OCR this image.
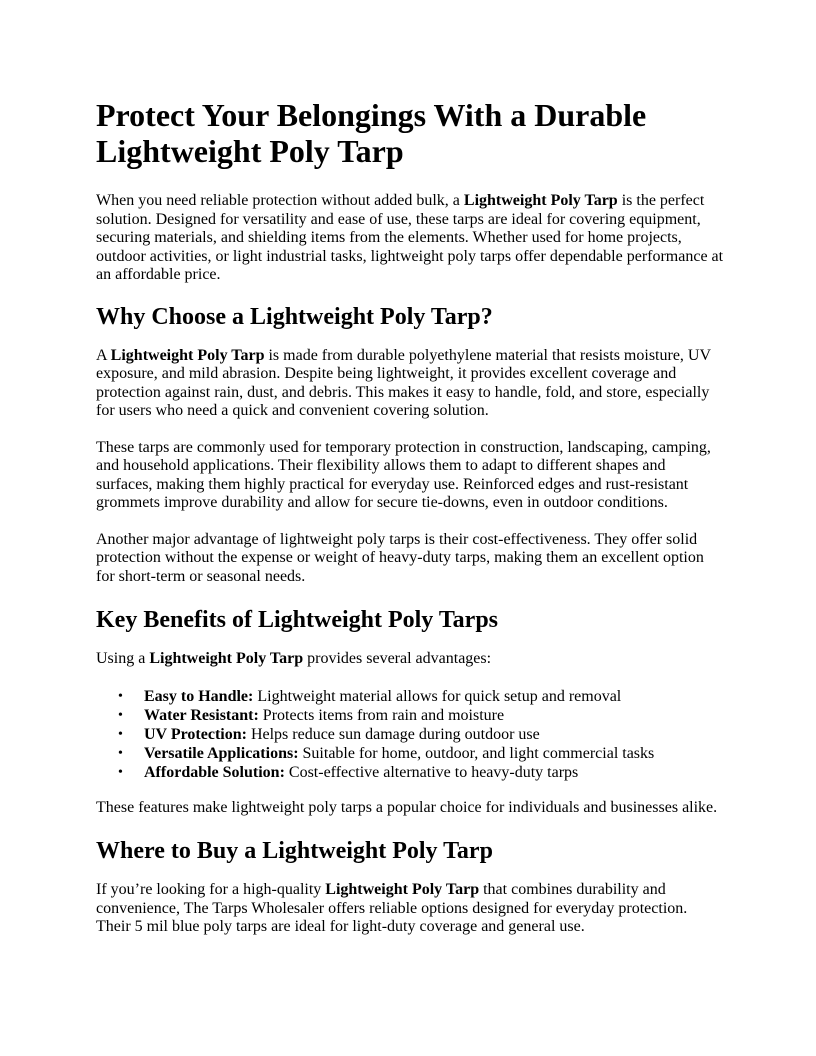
Protect Your Belongings With a Durable Lightweight Poly Tarp

When you need reliable protection without added bulk, a Lightweight Poly Tarp is the perfect solution. Designed for versatility and ease of use, these tarps are ideal for covering equipment, securing materials, and shielding items from the elements. Whether used for home projects, outdoor activities, or light industrial tasks, lightweight poly tarps offer dependable performance at an affordable price.

Why Choose a Lightweight Poly Tarp?

A Lightweight Poly Tarp is made from durable polyethylene material that resists moisture, UV exposure, and mild abrasion. Despite being lightweight, it provides excellent coverage and protection against rain, dust, and debris. This makes it easy to handle, fold, and store, especially for users who need a quick and convenient covering solution.

These tarps are commonly used for temporary protection in construction, landscaping, camping, and household applications. Their flexibility allows them to adapt to different shapes and surfaces, making them highly practical for everyday use. Reinforced edges and rust-resistant grommets improve durability and allow for secure tie-downs, even in outdoor conditions.

Another major advantage of lightweight poly tarps is their cost-effectiveness. They offer solid protection without the expense or weight of heavy-duty tarps, making them an excellent option for short-term or seasonal needs.

Key Benefits of Lightweight Poly Tarps

Using a Lightweight Poly Tarp provides several advantages:

• Easy to Handle: Lightweight material allows for quick setup and removal
• Water Resistant: Protects items from rain and moisture
• UV Protection: Helps reduce sun damage during outdoor use
• Versatile Applications: Suitable for home, outdoor, and light commercial tasks
• Affordable Solution: Cost-effective alternative to heavy-duty tarps

These features make lightweight poly tarps a popular choice for individuals and businesses alike.

Where to Buy a Lightweight Poly Tarp

If you’re looking for a high-quality Lightweight Poly Tarp that combines durability and convenience, The Tarps Wholesaler offers reliable options designed for everyday protection. Their 5 mil blue poly tarps are ideal for light-duty coverage and general use.
